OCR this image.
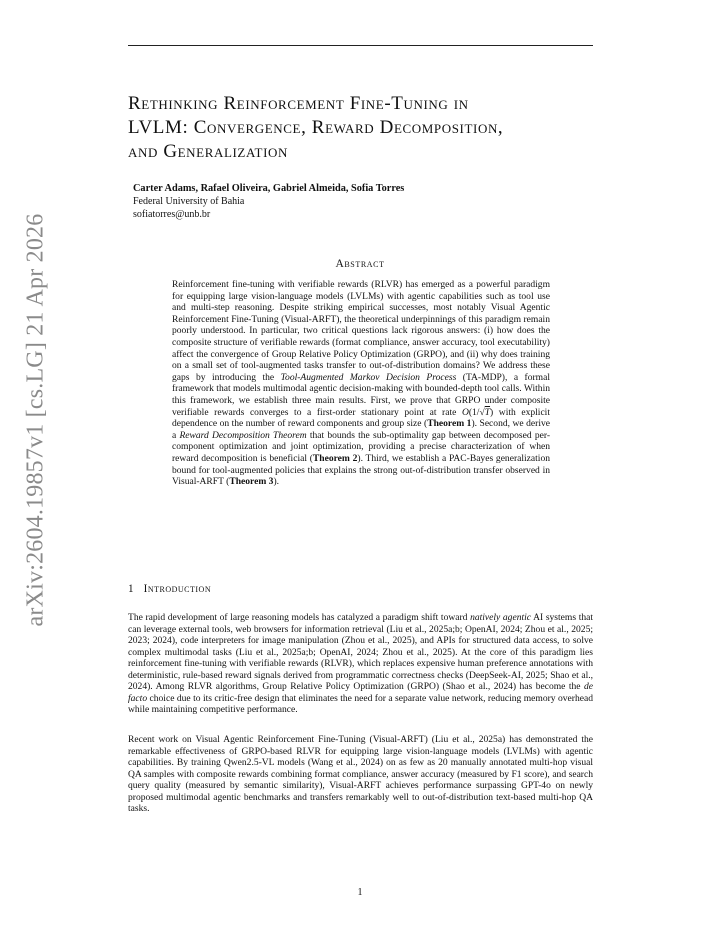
arXiv:2604.19857v1 [cs.LG] 21 Apr 2026
Rethinking Reinforcement Fine-Tuning in
LVLM: Convergence, Reward Decomposition,
and Generalization
Carter Adams, Rafael Oliveira, Gabriel Almeida, Sofia Torres
Federal University of Bahia
sofiatorres@unb.br
Abstract

Reinforcement fine-tuning with verifiable rewards (RLVR) has emerged as a powerful paradigm for equipping large vision-language models (LVLMs) with agentic capabilities such as tool use and multi-step reasoning. Despite striking empirical successes, most notably Visual Agentic Reinforcement Fine-Tuning (Visual-ARFT), the theoretical underpinnings of this paradigm remain poorly understood. In particular, two critical questions lack rigorous answers: (i) how does the composite structure of verifiable rewards (format compliance, answer accuracy, tool executability) affect the convergence of Group Relative Policy Optimization (GRPO), and (ii) why does training on a small set of tool-augmented tasks transfer to out-of-distribution domains? We address these gaps by introducing the Tool-Augmented Markov Decision Process (TA-MDP), a formal framework that models multimodal agentic decision-making with bounded-depth tool calls. Within this framework, we establish three main results. First, we prove that GRPO under composite verifiable rewards converges to a first-order stationary point at rate O(1/√T) with explicit dependence on the number of reward components and group size (Theorem 1). Second, we derive a Reward Decomposition Theorem that bounds the sub-optimality gap between decomposed per-component optimization and joint optimization, providing a precise characterization of when reward decomposition is beneficial (Theorem 2). Third, we establish a PAC-Bayes generalization bound for tool-augmented policies that explains the strong out-of-distribution transfer observed in Visual-ARFT (Theorem 3).

1 Introduction

The rapid development of large reasoning models has catalyzed a paradigm shift toward natively agentic AI systems that can leverage external tools, web browsers for information retrieval (Liu et al., 2025a;b; OpenAI, 2024; Zhou et al., 2025; 2023; 2024), code interpreters for image manipulation (Zhou et al., 2025), and APIs for structured data access, to solve complex multimodal tasks (Liu et al., 2025a;b; OpenAI, 2024; Zhou et al., 2025). At the core of this paradigm lies reinforcement fine-tuning with verifiable rewards (RLVR), which replaces expensive human preference annotations with deterministic, rule-based reward signals derived from programmatic correctness checks (DeepSeek-AI, 2025; Shao et al., 2024). Among RLVR algorithms, Group Relative Policy Optimization (GRPO) (Shao et al., 2024) has become the de facto choice due to its critic-free design that eliminates the need for a separate value network, reducing memory overhead while maintaining competitive performance.

Recent work on Visual Agentic Reinforcement Fine-Tuning (Visual-ARFT) (Liu et al., 2025a) has demonstrated the remarkable effectiveness of GRPO-based RLVR for equipping large vision-language models (LVLMs) with agentic capabilities. By training Qwen2.5-VL models (Wang et al., 2024) on as few as 20 manually annotated multi-hop visual QA samples with composite rewards combining format compliance, answer accuracy (measured by F1 score), and search query quality (measured by semantic similarity), Visual-ARFT achieves performance surpassing GPT-4o on newly proposed multimodal agentic benchmarks and transfers remarkably well to out-of-distribution text-based multi-hop QA tasks.

1
